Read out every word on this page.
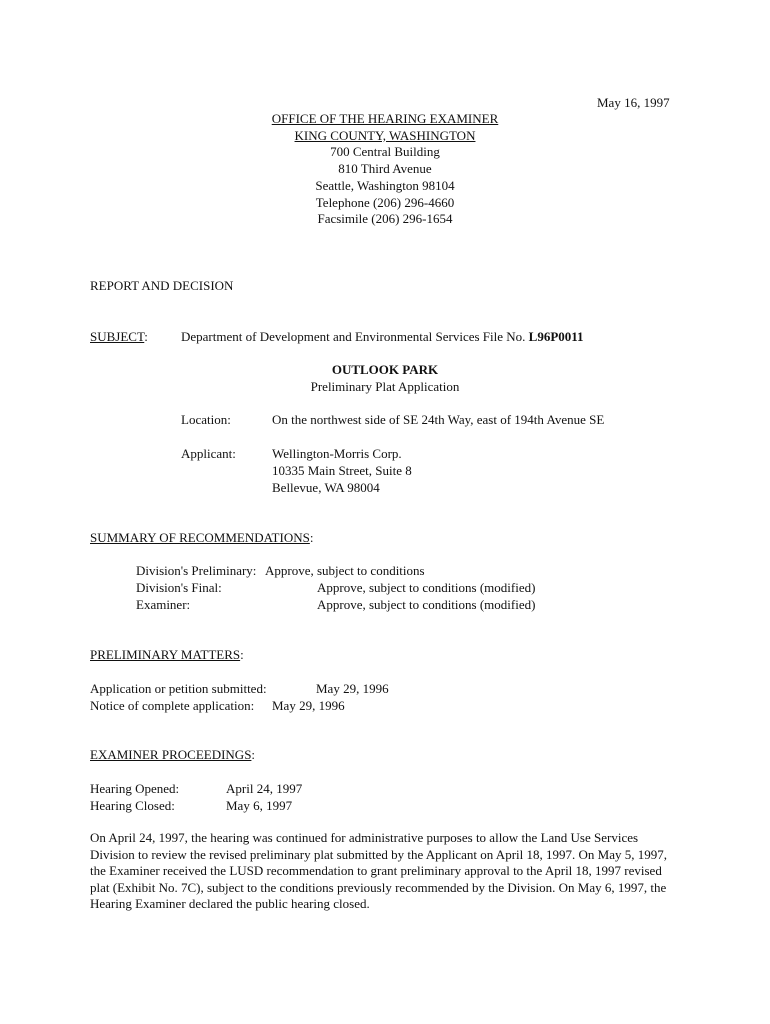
May 16, 1997
OFFICE OF THE HEARING EXAMINER
KING COUNTY, WASHINGTON
700 Central Building
810 Third Avenue
Seattle, Washington 98104
Telephone (206) 296-4660
Facsimile (206) 296-1654
REPORT AND DECISION
SUBJECT:	Department of Development and Environmental Services File No. L96P0011
OUTLOOK PARK
Preliminary Plat Application
Location:	On the northwest side of SE 24th Way, east of 194th Avenue SE
Applicant:	Wellington-Morris Corp.
10335 Main Street, Suite 8
Bellevue, WA 98004
SUMMARY OF RECOMMENDATIONS:
Division's Preliminary: Approve, subject to conditions
Division's Final:	Approve, subject to conditions (modified)
Examiner:	Approve, subject to conditions (modified)
PRELIMINARY MATTERS:
Application or petition submitted:	May 29, 1996
Notice of complete application: May 29, 1996
EXAMINER PROCEEDINGS:
Hearing Opened:	April 24, 1997
Hearing Closed:	May 6, 1997
On April 24, 1997, the hearing was continued for administrative purposes to allow the Land Use Services Division to review the revised preliminary plat submitted by the Applicant on April 18, 1997. On May 5, 1997, the Examiner received the LUSD recommendation to grant preliminary approval to the April 18, 1997 revised plat (Exhibit No. 7C), subject to the conditions previously recommended by the Division. On May 6, 1997, the Hearing Examiner declared the public hearing closed.
